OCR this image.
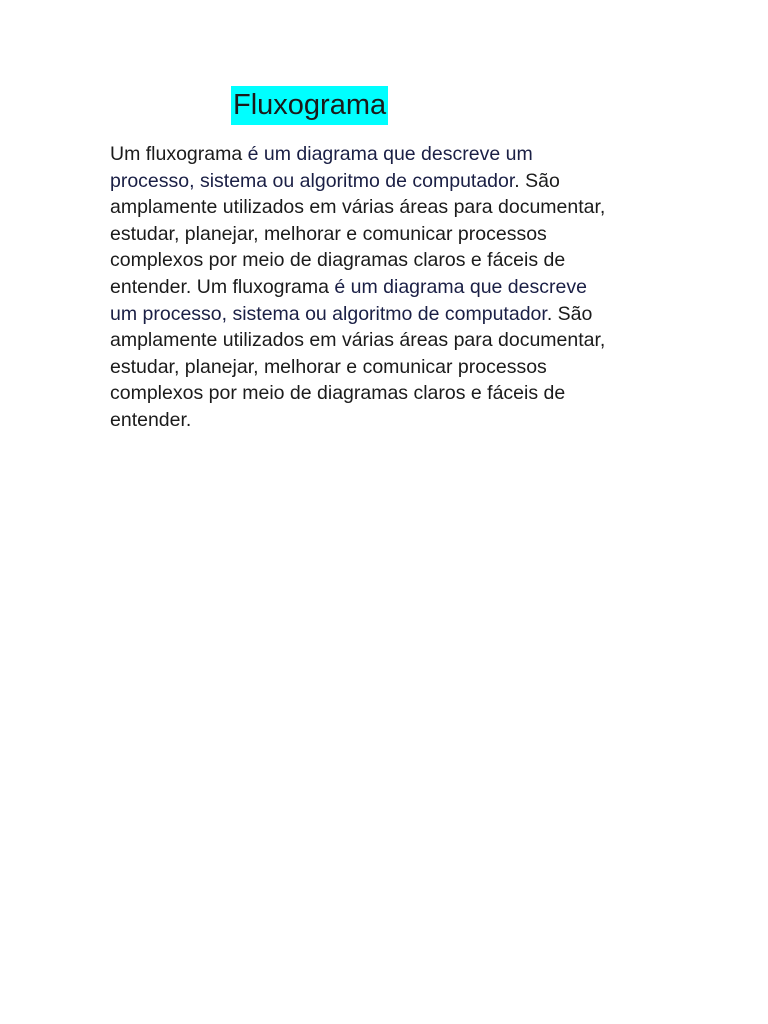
Fluxograma
Um fluxograma é um diagrama que descreve um
processo, sistema ou algoritmo de computador. São
amplamente utilizados em várias áreas para documentar,
estudar, planejar, melhorar e comunicar processos
complexos por meio de diagramas claros e fáceis de
entender. Um fluxograma é um diagrama que descreve
um processo, sistema ou algoritmo de computador. São
amplamente utilizados em várias áreas para documentar,
estudar, planejar, melhorar e comunicar processos
complexos por meio de diagramas claros e fáceis de
entender.
